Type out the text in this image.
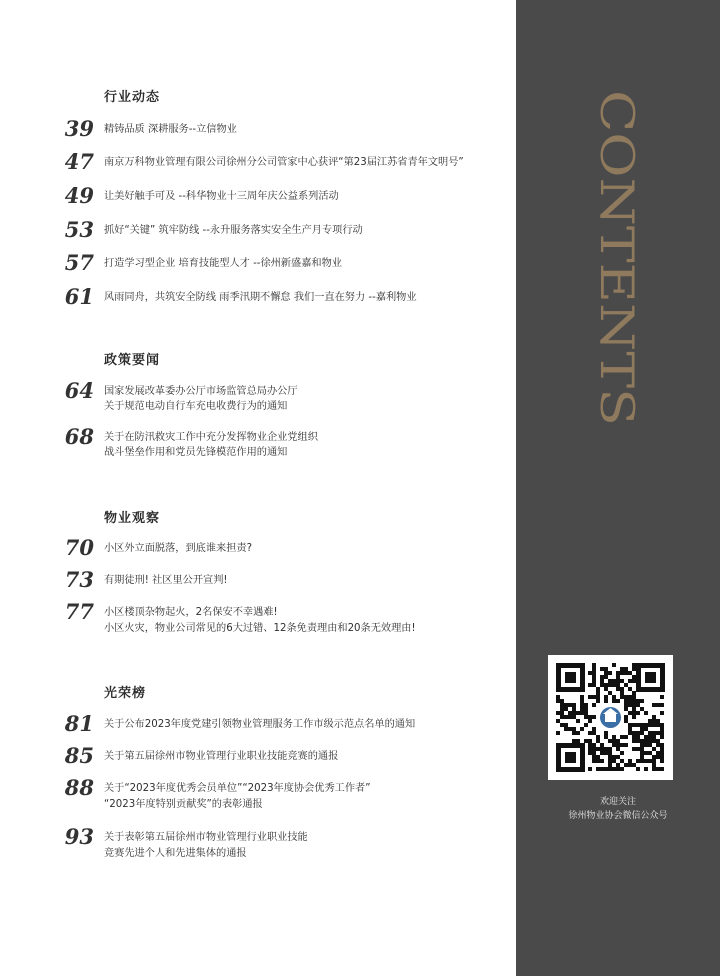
行业动态
39 精铸品质 深耕服务--立信物业
47 南京万科物业管理有限公司徐州分公司管家中心获评“第23届江苏省青年文明号”
49 让美好触手可及 --科华物业十三周年庆公益系列活动
53 抓好“关键” 筑牢防线 --永升服务落实安全生产月专项行动
57 打造学习型企业 培育技能型人才 --徐州新盛嘉和物业
61 风雨同舟，共筑安全防线 雨季汛期不懈怠 我们一直在努力 --嘉利物业
政策要闻
64 国家发展改革委办公厅市场监管总局办公厅
关于规范电动自行车充电收费行为的通知
68 关于在防汛救灾工作中充分发挥物业企业党组织
战斗堡垒作用和党员先锋模范作用的通知
物业观察
70 小区外立面脱落，到底谁来担责?
73 有期徒刑! 社区里公开宣判!
77 小区楼顶杂物起火，2名保安不幸遇难!
小区火灾，物业公司常见的6大过错、12条免责理由和20条无效理由!
光荣榜
81 关于公布2023年度党建引领物业管理服务工作市级示范点名单的通知
85 关于第五届徐州市物业管理行业职业技能竞赛的通报
88 关于“2023年度优秀会员单位”“2023年度协会优秀工作者”
“2023年度特别贡献奖”的表彰通报
93 关于表彰第五届徐州市物业管理行业职业技能
竞赛先进个人和先进集体的通报
CONTENTS
欢迎关注
徐州物业协会微信公众号
